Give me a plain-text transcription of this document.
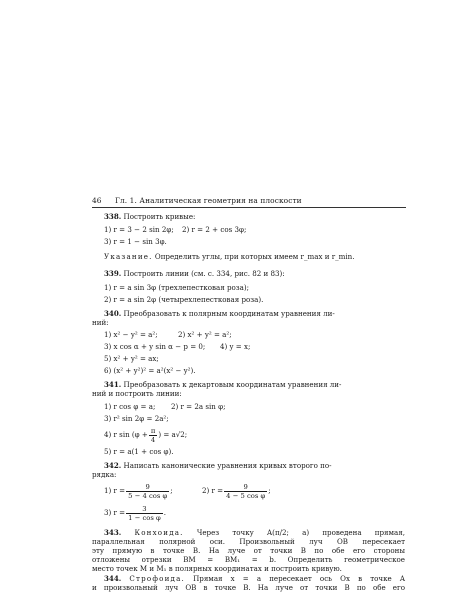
46 Гл. 1. Аналитическая геометрия на плоскости
338. Построить кривые:
1) r = 3 − 2 sin 2φ; 2) r = 2 + cos 3φ;
3) r = 1 − sin 3φ.
Указание. Определить углы, при которых имеем r_max и r_min.
339. Построить линии (см. с. 334, рис. 82 и 83):
1) r = a sin 3φ (трехлепестковая роза);
2) r = a sin 2φ (четырехлепестковая роза).
340. Преобразовать к полярным координатам уравнения ли-
ний:
1) x² − y² = a²;	2) x² + y² = a²;
3) x cos α + y sin α − p = 0; 4) y = x;
5) x² + y² = ax;
6) (x² + y²)² = a²(x² − y²).
341. Преобразовать к декартовым координатам уравнения ли-
ний и построить линии:
1) r cos φ = a; 2) r = 2a sin φ;
3) r² sin 2φ = 2a²;
4) r $\sin (\varphi + \frac{\pi}{4}$ ) = a√2;
5) r = a(1 + cos φ).
342. Написать канонические уравнения кривых второго по-
рядка:
1) $r = \frac{9}{\text{5 − 4 cos φ}}$ ;	2) $r = \frac{9}{\text{4 − 5 cos φ}}$ ;
3) $r = \frac{3}{\text{1 − cos φ}}$ .
343. Конхоида. Через точку A(π/2; a) проведена прямая,
параллельная полярной оси. Произвольный луч OB пересекает
эту прямую в точке B. На луче от точки B по обе его стороны
отложены отрезки BM = BM₁ = b. Определить геометрическое
место точек M и M₁ в полярных координатах и построить кривую.
344. Строфоида. Прямая x = a пересекает ось Ox в точке A
и произвольный луч OB в точке B. На луче от точки B по обе его
